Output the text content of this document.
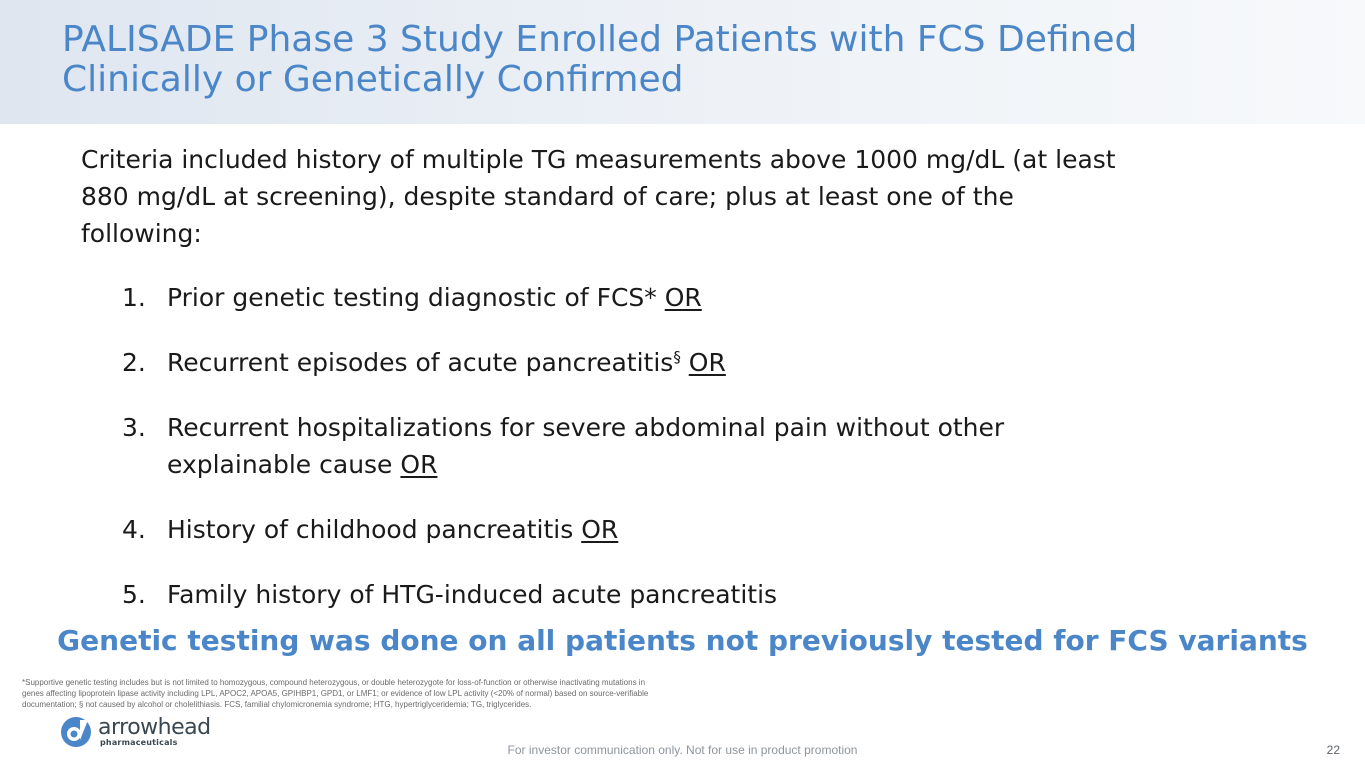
PALISADE Phase 3 Study Enrolled Patients with FCS Defined
Clinically or Genetically Confirmed
Criteria included history of multiple TG measurements above 1000 mg/dL (at least
880 mg/dL at screening), despite standard of care; plus at least one of the
following:
1. Prior genetic testing diagnostic of FCS* OR
2. Recurrent episodes of acute pancreatitis§ OR
3. Recurrent hospitalizations for severe abdominal pain without other
explainable cause OR
4. History of childhood pancreatitis OR
5. Family history of HTG-induced acute pancreatitis
Genetic testing was done on all patients not previously tested for FCS variants
*Supportive genetic testing includes but is not limited to homozygous, compound heterozygous, or double heterozygote for loss-of-function or otherwise inactivating mutations in
genes affecting lipoprotein lipase activity including LPL, APOC2, APOA5, GPIHBP1, GPD1, or LMF1; or evidence of low LPL activity (<20% of normal) based on source-verifiable
documentation; § not caused by alcohol or cholelithiasis. FCS, familial chylomicronemia syndrome; HTG, hypertriglyceridemia; TG, triglycerides.
arrowhead
pharmaceuticals
For investor communication only. Not for use in product promotion	22
